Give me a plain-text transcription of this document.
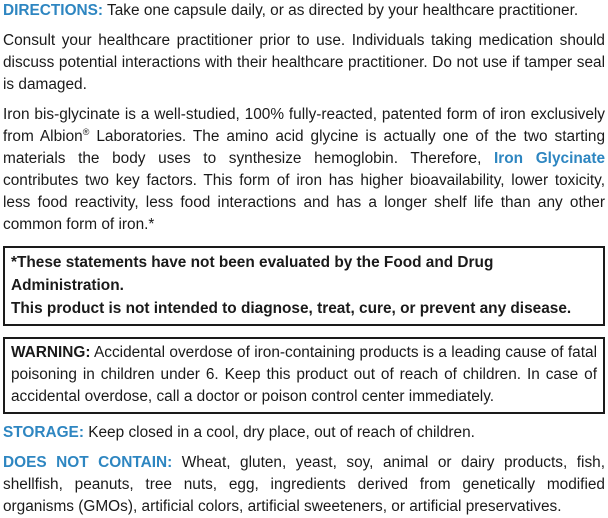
DIRECTIONS: Take one capsule daily, or as directed by your healthcare practitioner.

Consult your healthcare practitioner prior to use. Individuals taking medication should discuss potential interactions with their healthcare practitioner. Do not use if tamper seal is damaged.

Iron bis-glycinate is a well-studied, 100% fully-reacted, patented form of iron exclusively from Albion® Laboratories. The amino acid glycine is actually one of the two starting materials the body uses to synthesize hemoglobin. Therefore, Iron Glycinate contributes two key factors. This form of iron has higher bioavailability, lower toxicity, less food reactivity, less food interactions and has a longer shelf life than any other common form of iron.*

*These statements have not been evaluated by the Food and Drug Administration.
This product is not intended to diagnose, treat, cure, or prevent any disease.
WARNING: Accidental overdose of iron-containing products is a leading cause of fatal poisoning in children under 6. Keep this product out of reach of children. In case of accidental overdose, call a doctor or poison control center immediately.

STORAGE: Keep closed in a cool, dry place, out of reach of children.

DOES NOT CONTAIN: Wheat, gluten, yeast, soy, animal or dairy products, fish, shellfish, peanuts, tree nuts, egg, ingredients derived from genetically modified organisms (GMOs), artificial colors, artificial sweeteners, or artificial preservatives.
